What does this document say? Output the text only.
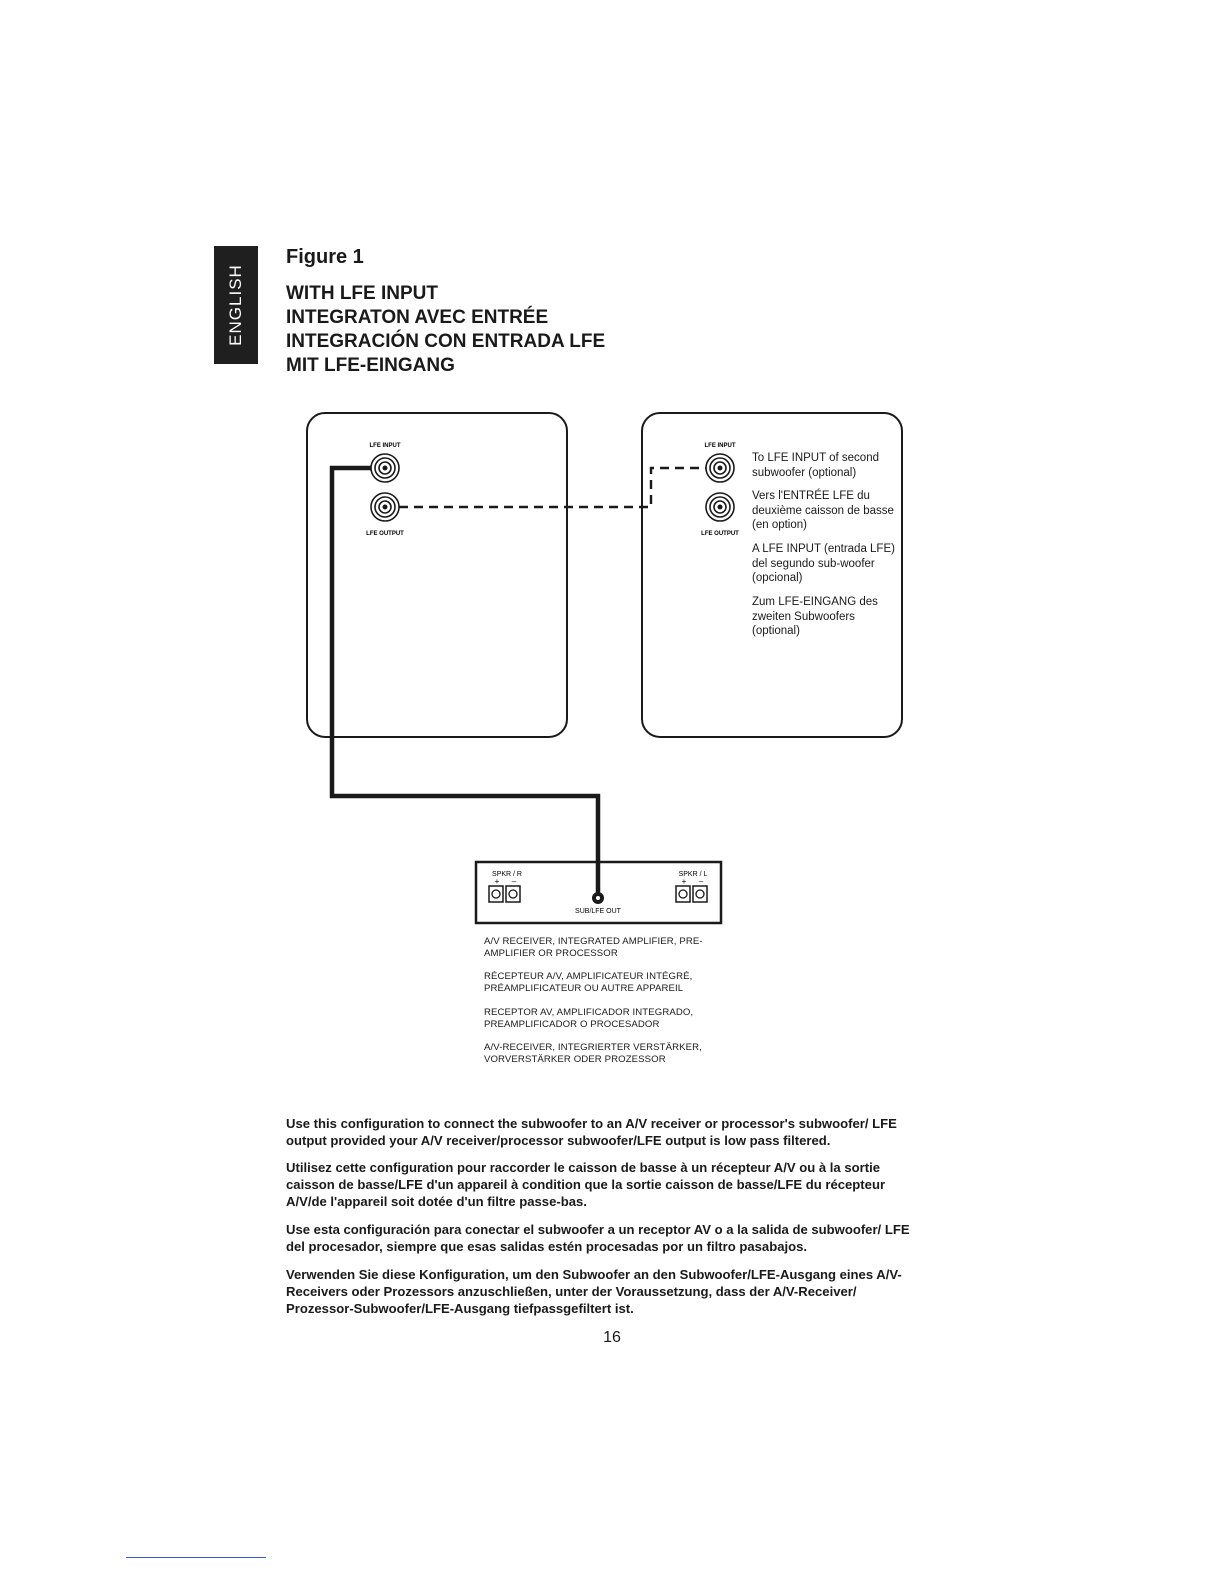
ENGLISH
Figure 1
WITH LFE INPUT
INTEGRATON AVEC ENTRÉE
INTEGRACIÓN CON ENTRADA LFE
MIT LFE-EINGANG
LFE INPUT
LFE OUTPUT
LFE INPUT
LFE OUTPUT
SPKR / R
+ –
SPKR / L
+ –
SUB/LFE OUT
To LFE INPUT of second subwoofer (optional)
Vers l'ENTRÉE LFE du deuxième caisson de basse (en option)
A LFE INPUT (entrada LFE) del segundo sub-woofer (opcional)
Zum LFE-EINGANG des zweiten Subwoofers (optional)
A/V RECEIVER, INTEGRATED AMPLIFIER, PRE-AMPLIFIER OR PROCESSOR
RÉCEPTEUR A/V, AMPLIFICATEUR INTÉGRÉ, PRÉAMPLIFICATEUR OU AUTRE APPAREIL
RECEPTOR AV, AMPLIFICADOR INTEGRADO, PREAMPLIFICADOR O PROCESADOR
A/V-RECEIVER, INTEGRIERTER VERSTÄRKER, VORVERSTÄRKER ODER PROZESSOR
Use this configuration to connect the subwoofer to an A/V receiver or processor's subwoofer/ LFE output provided your A/V receiver/processor subwoofer/LFE output is low pass filtered.
Utilisez cette configuration pour raccorder le caisson de basse à un récepteur A/V ou à la sortie caisson de basse/LFE d'un appareil à condition que la sortie caisson de basse/LFE du récepteur A/V/de l'appareil soit dotée d'un filtre passe-bas.
Use esta configuración para conectar el subwoofer a un receptor AV o a la salida de subwoofer/ LFE del procesador, siempre que esas salidas estén procesadas por un filtro pasabajos.
Verwenden Sie diese Konfiguration, um den Subwoofer an den Subwoofer/LFE-Ausgang eines A/V-Receivers oder Prozessors anzuschließen, unter der Voraussetzung, dass der A/V-Receiver/ Prozessor-Subwoofer/LFE-Ausgang tiefpassgefiltert ist.
16
